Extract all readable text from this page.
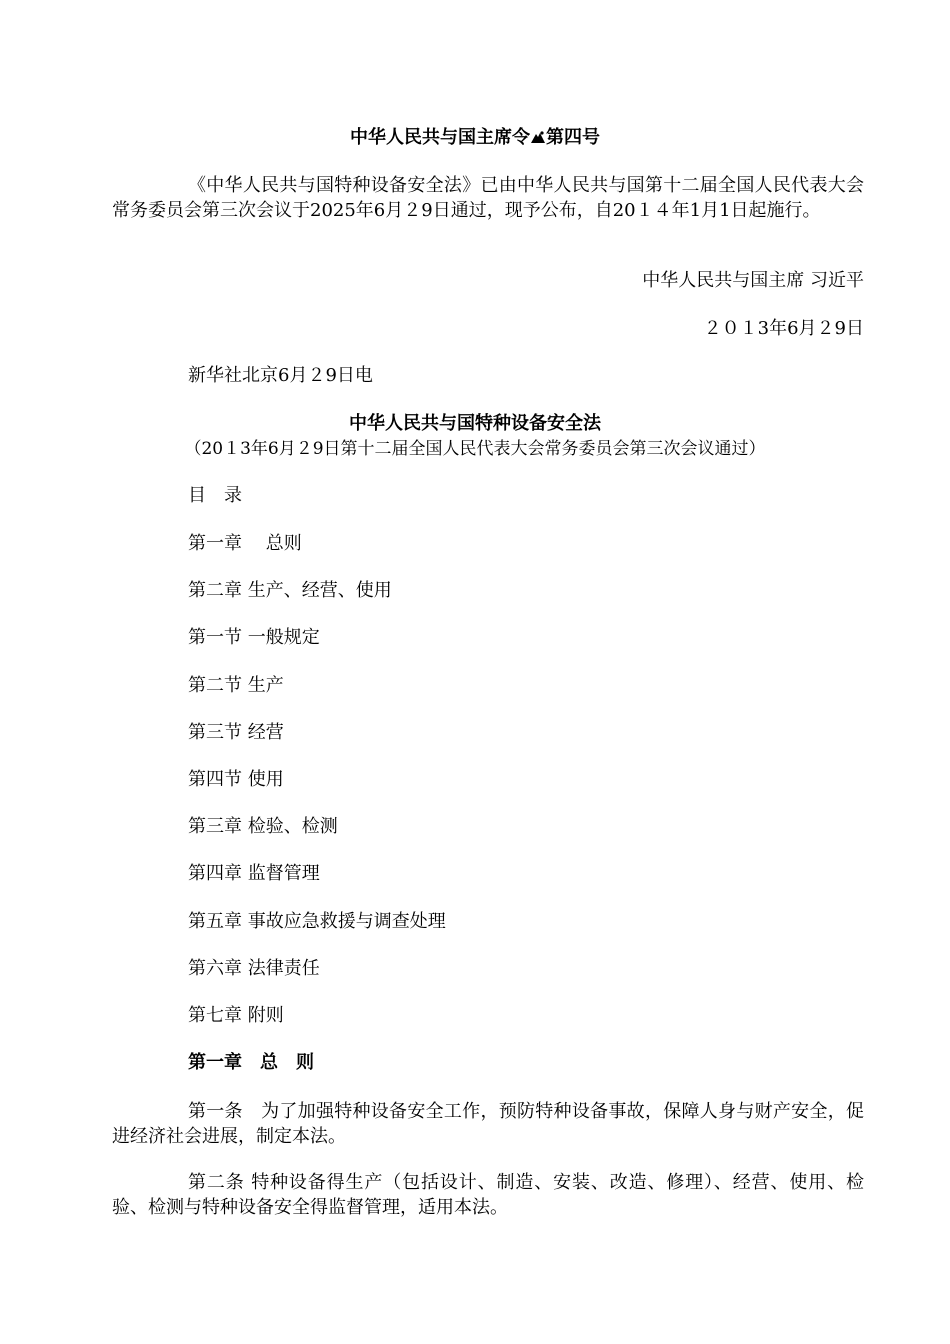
中华人民共与国主席令 第四号
《中华人民共与国特种设备安全法》已由中华人民共与国第十二届全国人民代表大会常务委员会第三次会议于2025年6月２9日通过，现予公布，自20１４年1月1日起施行。
中华人民共与国主席 习近平
２０１3年6月２9日
新华社北京6月２9日电
中华人民共与国特种设备安全法
（20１3年6月２9日第十二届全国人民代表大会常务委员会第三次会议通过）
目　录
第一章　 总则
第二章 生产、经营、使用
第一节 一般规定
第二节 生产
第三节 经营
第四节 使用
第三章 检验、检测
第四章 监督管理
第五章 事故应急救援与调查处理
第六章 法律责任
第七章 附则
第一章　总　则
第一条　为了加强特种设备安全工作，预防特种设备事故，保障人身与财产安全，促进经济社会进展，制定本法。
第二条 特种设备得生产（包括设计、制造、安装、改造、修理）、经营、使用、检验、检测与特种设备安全得监督管理，适用本法。
